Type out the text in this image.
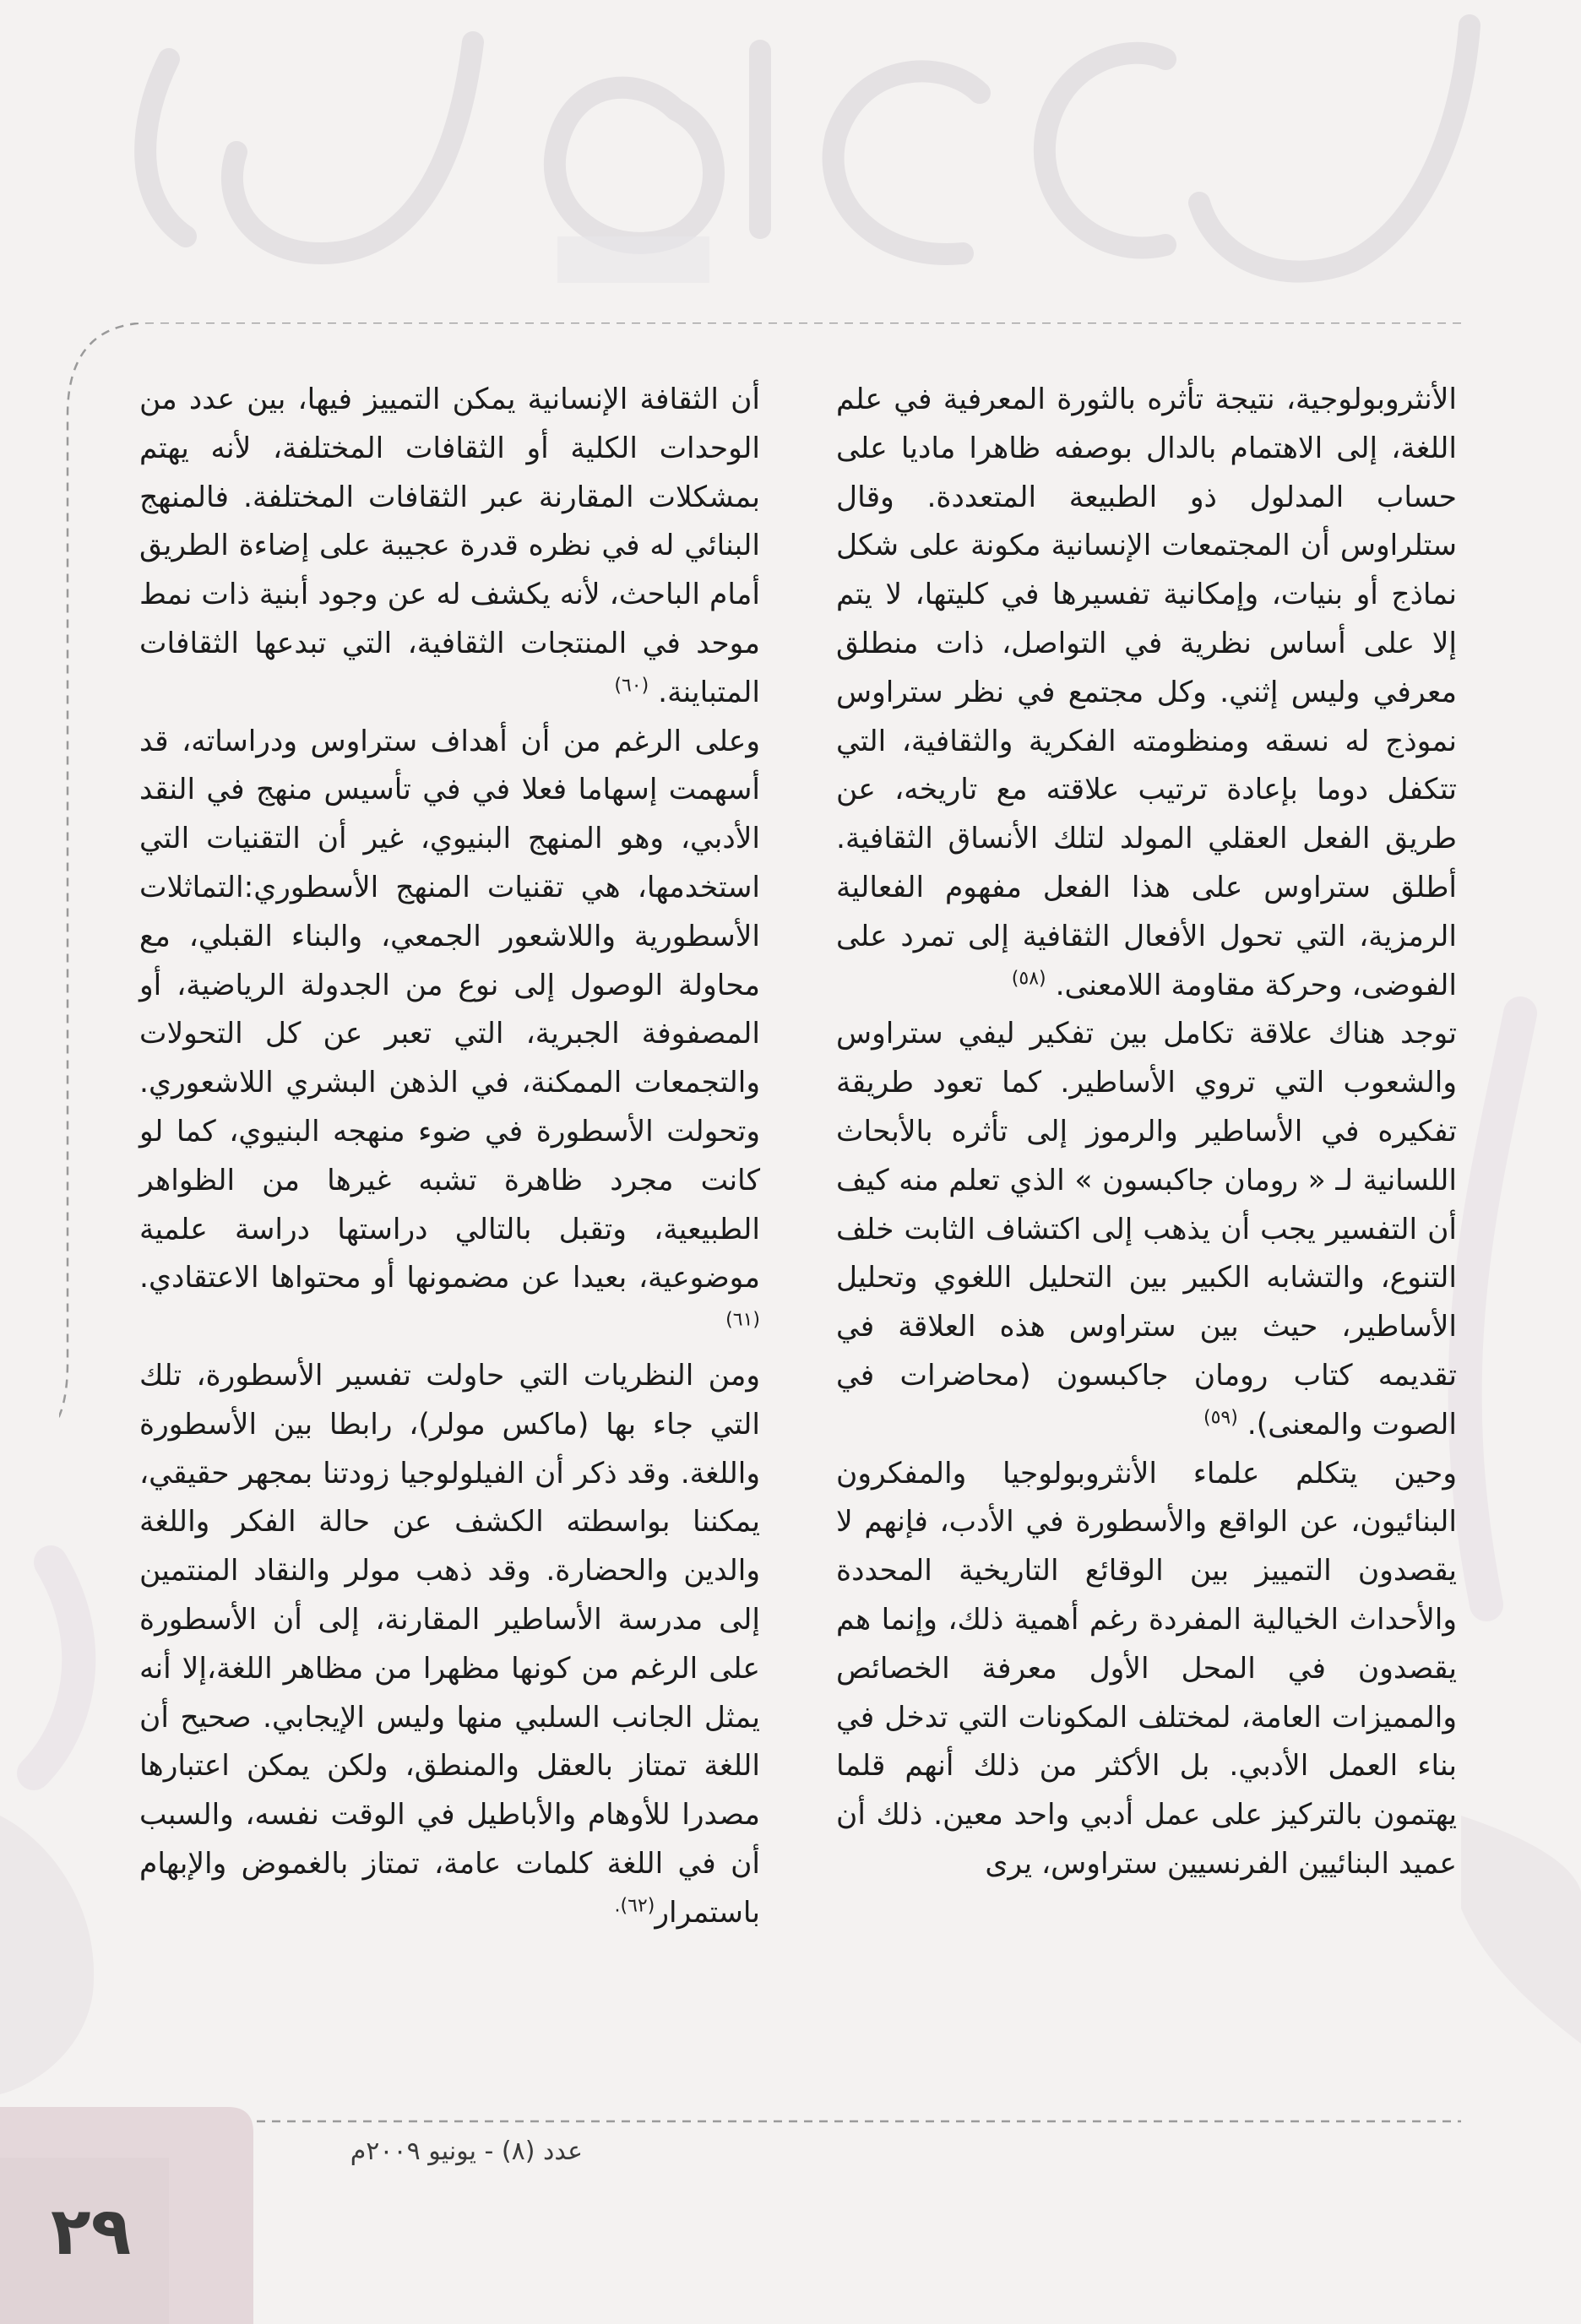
الأنثروبولوجية، نتيجة تأثره بالثورة المعرفية في علم اللغة، إلى الاهتمام بالدال بوصفه ظاهرا ماديا على حساب المدلول ذو الطبيعة المتعددة. وقال ستلراوس أن المجتمعات الإنسانية مكونة على شكل نماذج أو بنيات، وإمكانية تفسيرها في كليتها، لا يتم إلا على أساس نظرية في التواصل، ذات منطلق معرفي وليس إثني. وكل مجتمع في نظر ستراوس نموذج له نسقه ومنظومته الفكرية والثقافية، التي تتكفل دوما بإعادة ترتيب علاقته مع تاريخه، عن طريق الفعل العقلي المولد لتلك الأنساق الثقافية. أطلق ستراوس على هذا الفعل مفهوم الفعالية الرمزية، التي تحول الأفعال الثقافية إلى تمرد على الفوضى، وحركة مقاومة اللامعنى. $^{(٥٨)}$

توجد هناك علاقة تكامل بين تفكير ليفي ستراوس والشعوب التي تروي الأساطير. كما تعود طريقة تفكيره في الأساطير والرموز إلى تأثره بالأبحاث اللسانية لـ « رومان جاكبسون » الذي تعلم منه كيف أن التفسير يجب أن يذهب إلى اكتشاف الثابت خلف التنوع، والتشابه الكبير بين التحليل اللغوي وتحليل الأساطير، حيث بين ستراوس هذه العلاقة في تقديمه كتاب رومان جاكبسون (محاضرات في الصوت والمعنى). $^{(٥٩)}$

وحين يتكلم علماء الأنثروبولوجيا والمفكرون البنائيون، عن الواقع والأسطورة في الأدب، فإنهم لا يقصدون التمييز بين الوقائع التاريخية المحددة والأحداث الخيالية المفردة رغم أهمية ذلك، وإنما هم يقصدون في المحل الأول معرفة الخصائص والمميزات العامة، لمختلف المكونات التي تدخل في بناء العمل الأدبي. بل الأكثر من ذلك أنهم قلما يهتمون بالتركيز على عمل أدبي واحد معين. ذلك أن عميد البنائيين الفرنسيين ستراوس، يرى

أن الثقافة الإنسانية يمكن التمييز فيها، بين عدد من الوحدات الكلية أو الثقافات المختلفة، لأنه يهتم بمشكلات المقارنة عبر الثقافات المختلفة. فالمنهج البنائي له في نظره قدرة عجيبة على إضاءة الطريق أمام الباحث، لأنه يكشف له عن وجود أبنية ذات نمط موحد في المنتجات الثقافية، التي تبدعها الثقافات المتباينة. $^{(٦٠)}$

وعلى الرغم من أن أهداف ستراوس ودراساته، قد أسهمت إسهاما فعلا في في تأسيس منهج في النقد الأدبي، وهو المنهج البنيوي، غير أن التقنيات التي استخدمها، هي تقنيات المنهج الأسطوري:التماثلات الأسطورية واللاشعور الجمعي، والبناء القبلي، مع محاولة الوصول إلى نوع من الجدولة الرياضية، أو المصفوفة الجبرية، التي تعبر عن كل التحولات والتجمعات الممكنة، في الذهن البشري اللاشعوري. وتحولت الأسطورة في ضوء منهجه البنيوي، كما لو كانت مجرد ظاهرة تشبه غيرها من الظواهر الطبيعية، وتقبل بالتالي دراستها دراسة علمية موضوعية، بعيدا عن مضمونها أو محتواها الاعتقادي. $^{(٦١)}$

ومن النظريات التي حاولت تفسير الأسطورة، تلك التي جاء بها (ماكس مولر)، رابطا بين الأسطورة واللغة. وقد ذكر أن الفيلولوجيا زودتنا بمجهر حقيقي، يمكننا بواسطته الكشف عن حالة الفكر واللغة والدين والحضارة. وقد ذهب مولر والنقاد المنتمين إلى مدرسة الأساطير المقارنة، إلى أن الأسطورة على الرغم من كونها مظهرا من مظاهر اللغة،إلا أنه يمثل الجانب السلبي منها وليس الإيجابي. صحيح أن اللغة تمتاز بالعقل والمنطق، ولكن يمكن اعتبارها مصدرا للأوهام والأباطيل في الوقت نفسه، والسبب أن في اللغة كلمات عامة، تمتاز بالغموض والإبهام باستمرار$^{(٦٢).}$

عدد (٨) - يونيو ٢٠٠٩م
٢٩
